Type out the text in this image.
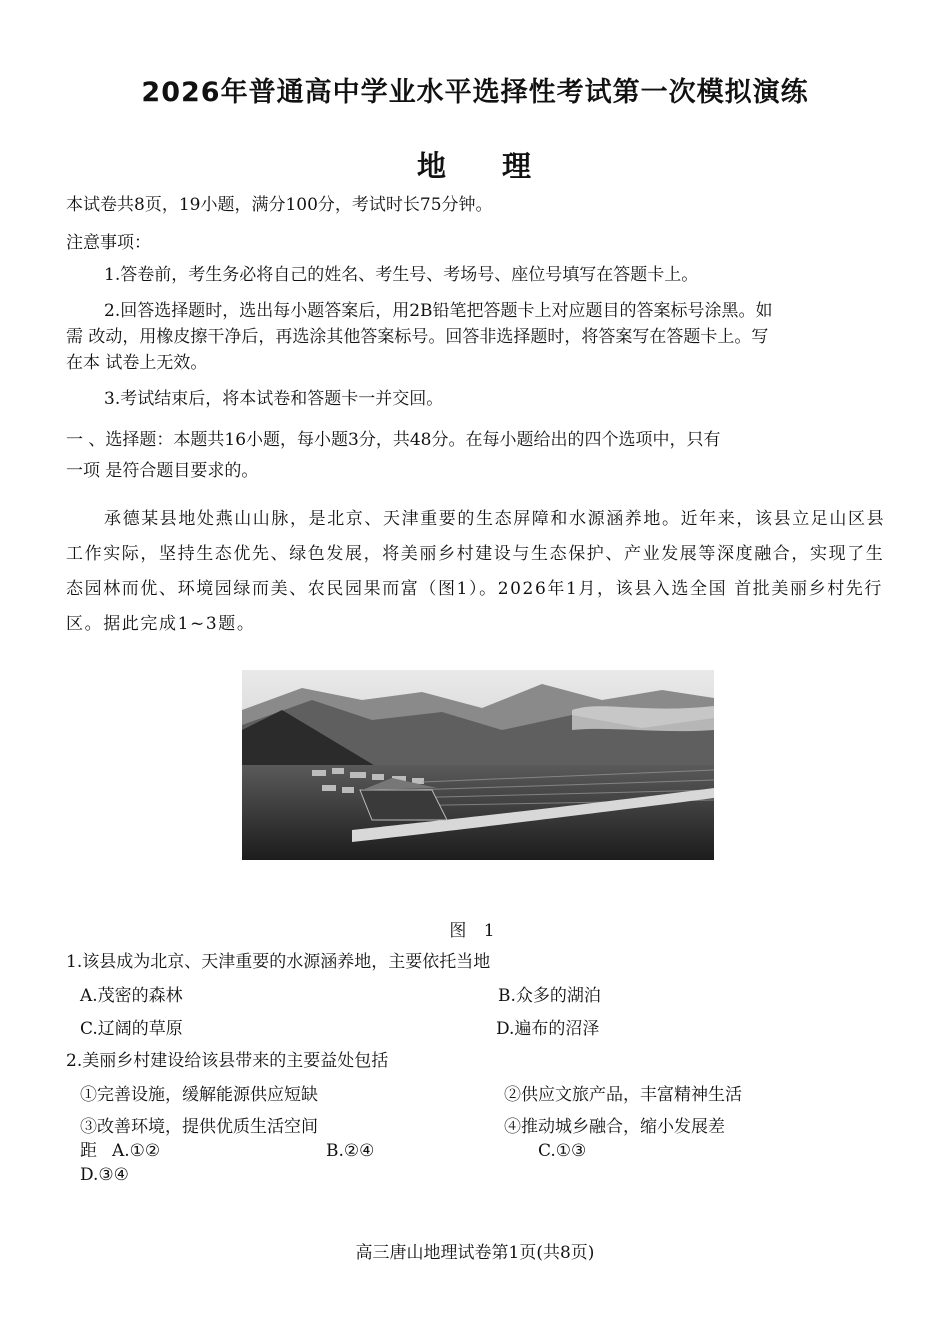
2026年普通高中学业水平选择性考试第一次模拟演练
地 理

本试卷共8页，19小题，满分100分，考试时长75分钟。

注意事项：

1.答卷前，考生务必将自己的姓名、考生号、考场号、座位号填写在答题卡上。

2.回答选择题时，选出每小题答案后，用2B铅笔把答题卡上对应题目的答案标号涂黑。如

需 改动，用橡皮擦干净后，再选涂其他答案标号。回答非选择题时，将答案写在答题卡上。写

在本 试卷上无效。

3.考试结束后，将本试卷和答题卡一并交回。

一 、选择题：本题共16小题，每小题3分，共48分。在每小题给出的四个选项中，只有

一项 是符合题目要求的。

承德某县地处燕山山脉，是北京、天津重要的生态屏障和水源涵养地。近年来，该县立足山区县工作实际，坚持生态优先、绿色发展，将美丽乡村建设与生态保护、产业发展等深度融合，实现了生态园林而优、环境园绿而美、农民园果而富（图1）。2026年1月，该县入选全国 首批美丽乡村先行区。据此完成1~3题。

图 1

1.该县成为北京、天津重要的水源涵养地，主要依托当地

A.茂密的森林	B.众多的湖泊

C.辽阔的草原	D.遍布的沼泽

2.美丽乡村建设给该县带来的主要益处包括

①完善设施，缓解能源供应短缺	②供应文旅产品，丰富精神生活

③改善环境，提供优质生活空间	④推动城乡融合，缩小发展差

距 A.①②	B.②④	C.①③

D.③④

高三唐山地理试卷第1页(共8页)
